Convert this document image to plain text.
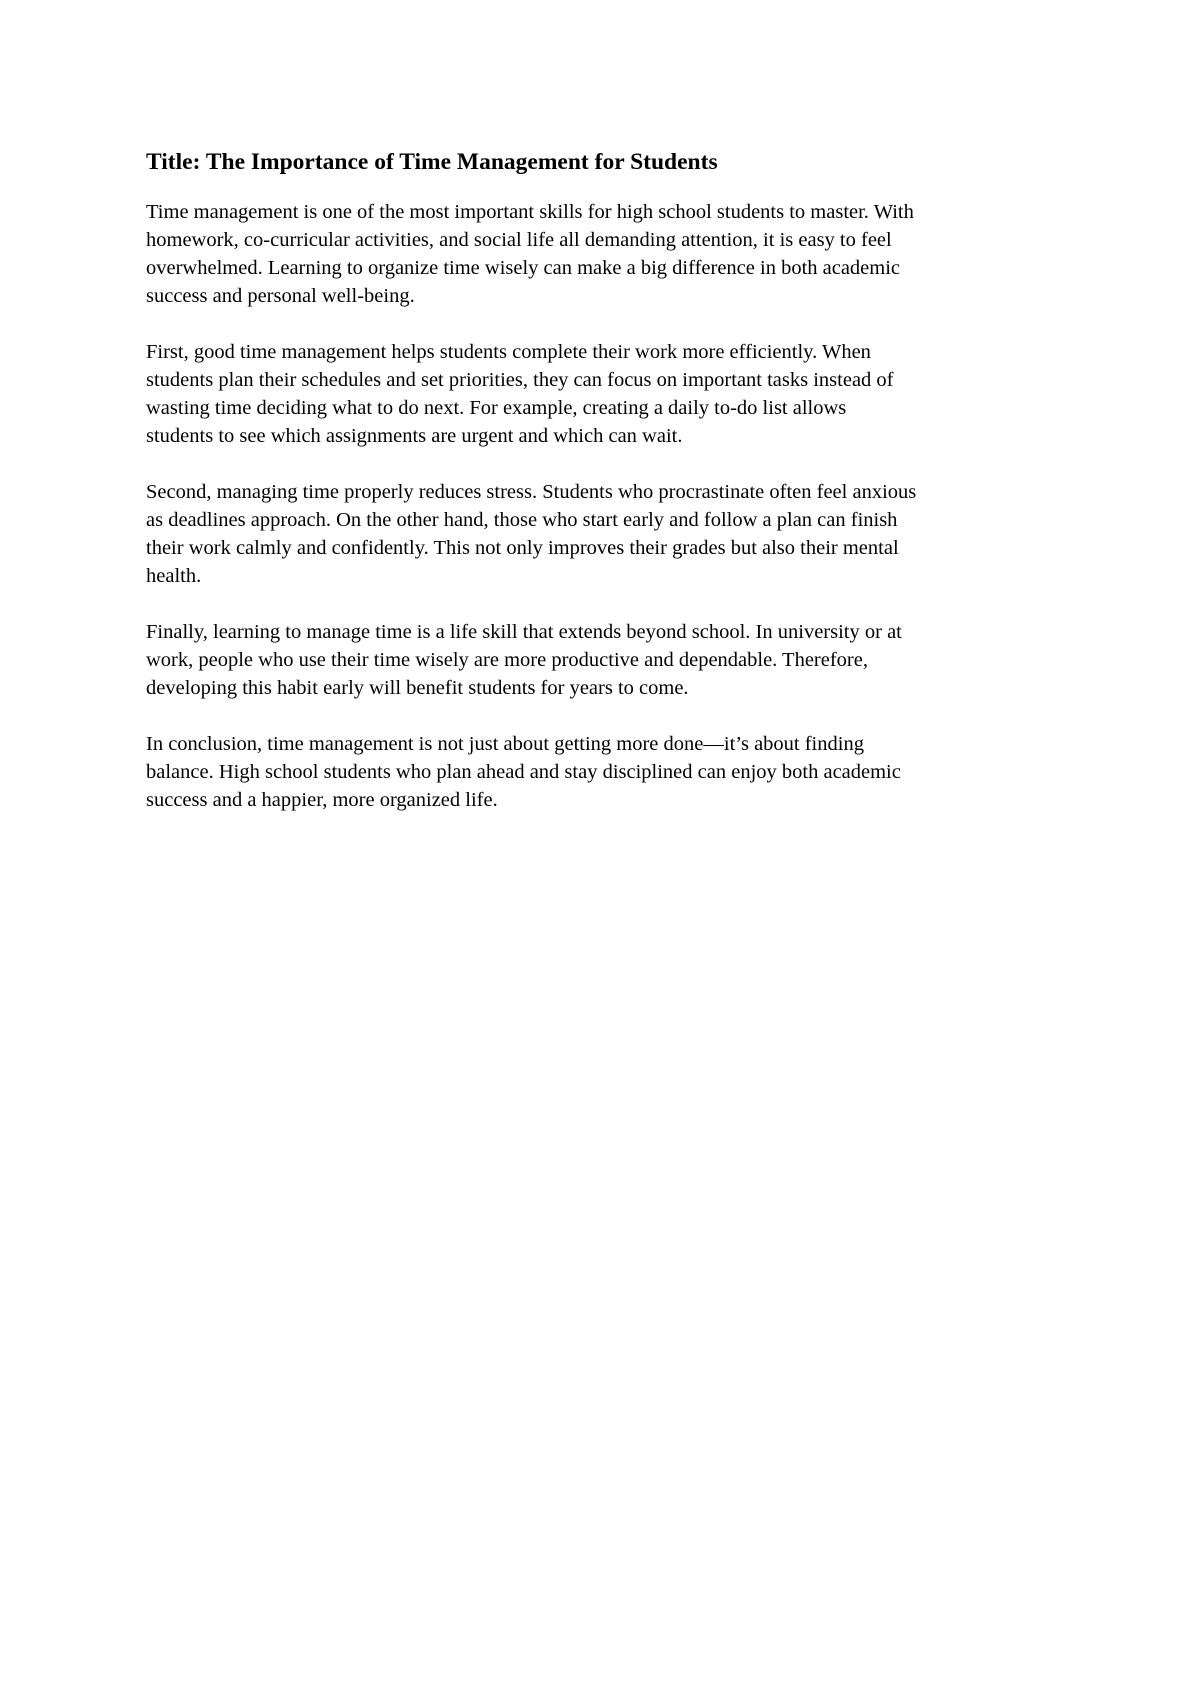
Title: The Importance of Time Management for Students

Time management is one of the most important skills for high school students to master. With
homework, co-curricular activities, and social life all demanding attention, it is easy to feel
overwhelmed. Learning to organize time wisely can make a big difference in both academic
success and personal well-being.

First, good time management helps students complete their work more efficiently. When
students plan their schedules and set priorities, they can focus on important tasks instead of
wasting time deciding what to do next. For example, creating a daily to-do list allows
students to see which assignments are urgent and which can wait.

Second, managing time properly reduces stress. Students who procrastinate often feel anxious
as deadlines approach. On the other hand, those who start early and follow a plan can finish
their work calmly and confidently. This not only improves their grades but also their mental
health.

Finally, learning to manage time is a life skill that extends beyond school. In university or at
work, people who use their time wisely are more productive and dependable. Therefore,
developing this habit early will benefit students for years to come.

In conclusion, time management is not just about getting more done—it’s about finding
balance. High school students who plan ahead and stay disciplined can enjoy both academic
success and a happier, more organized life.
